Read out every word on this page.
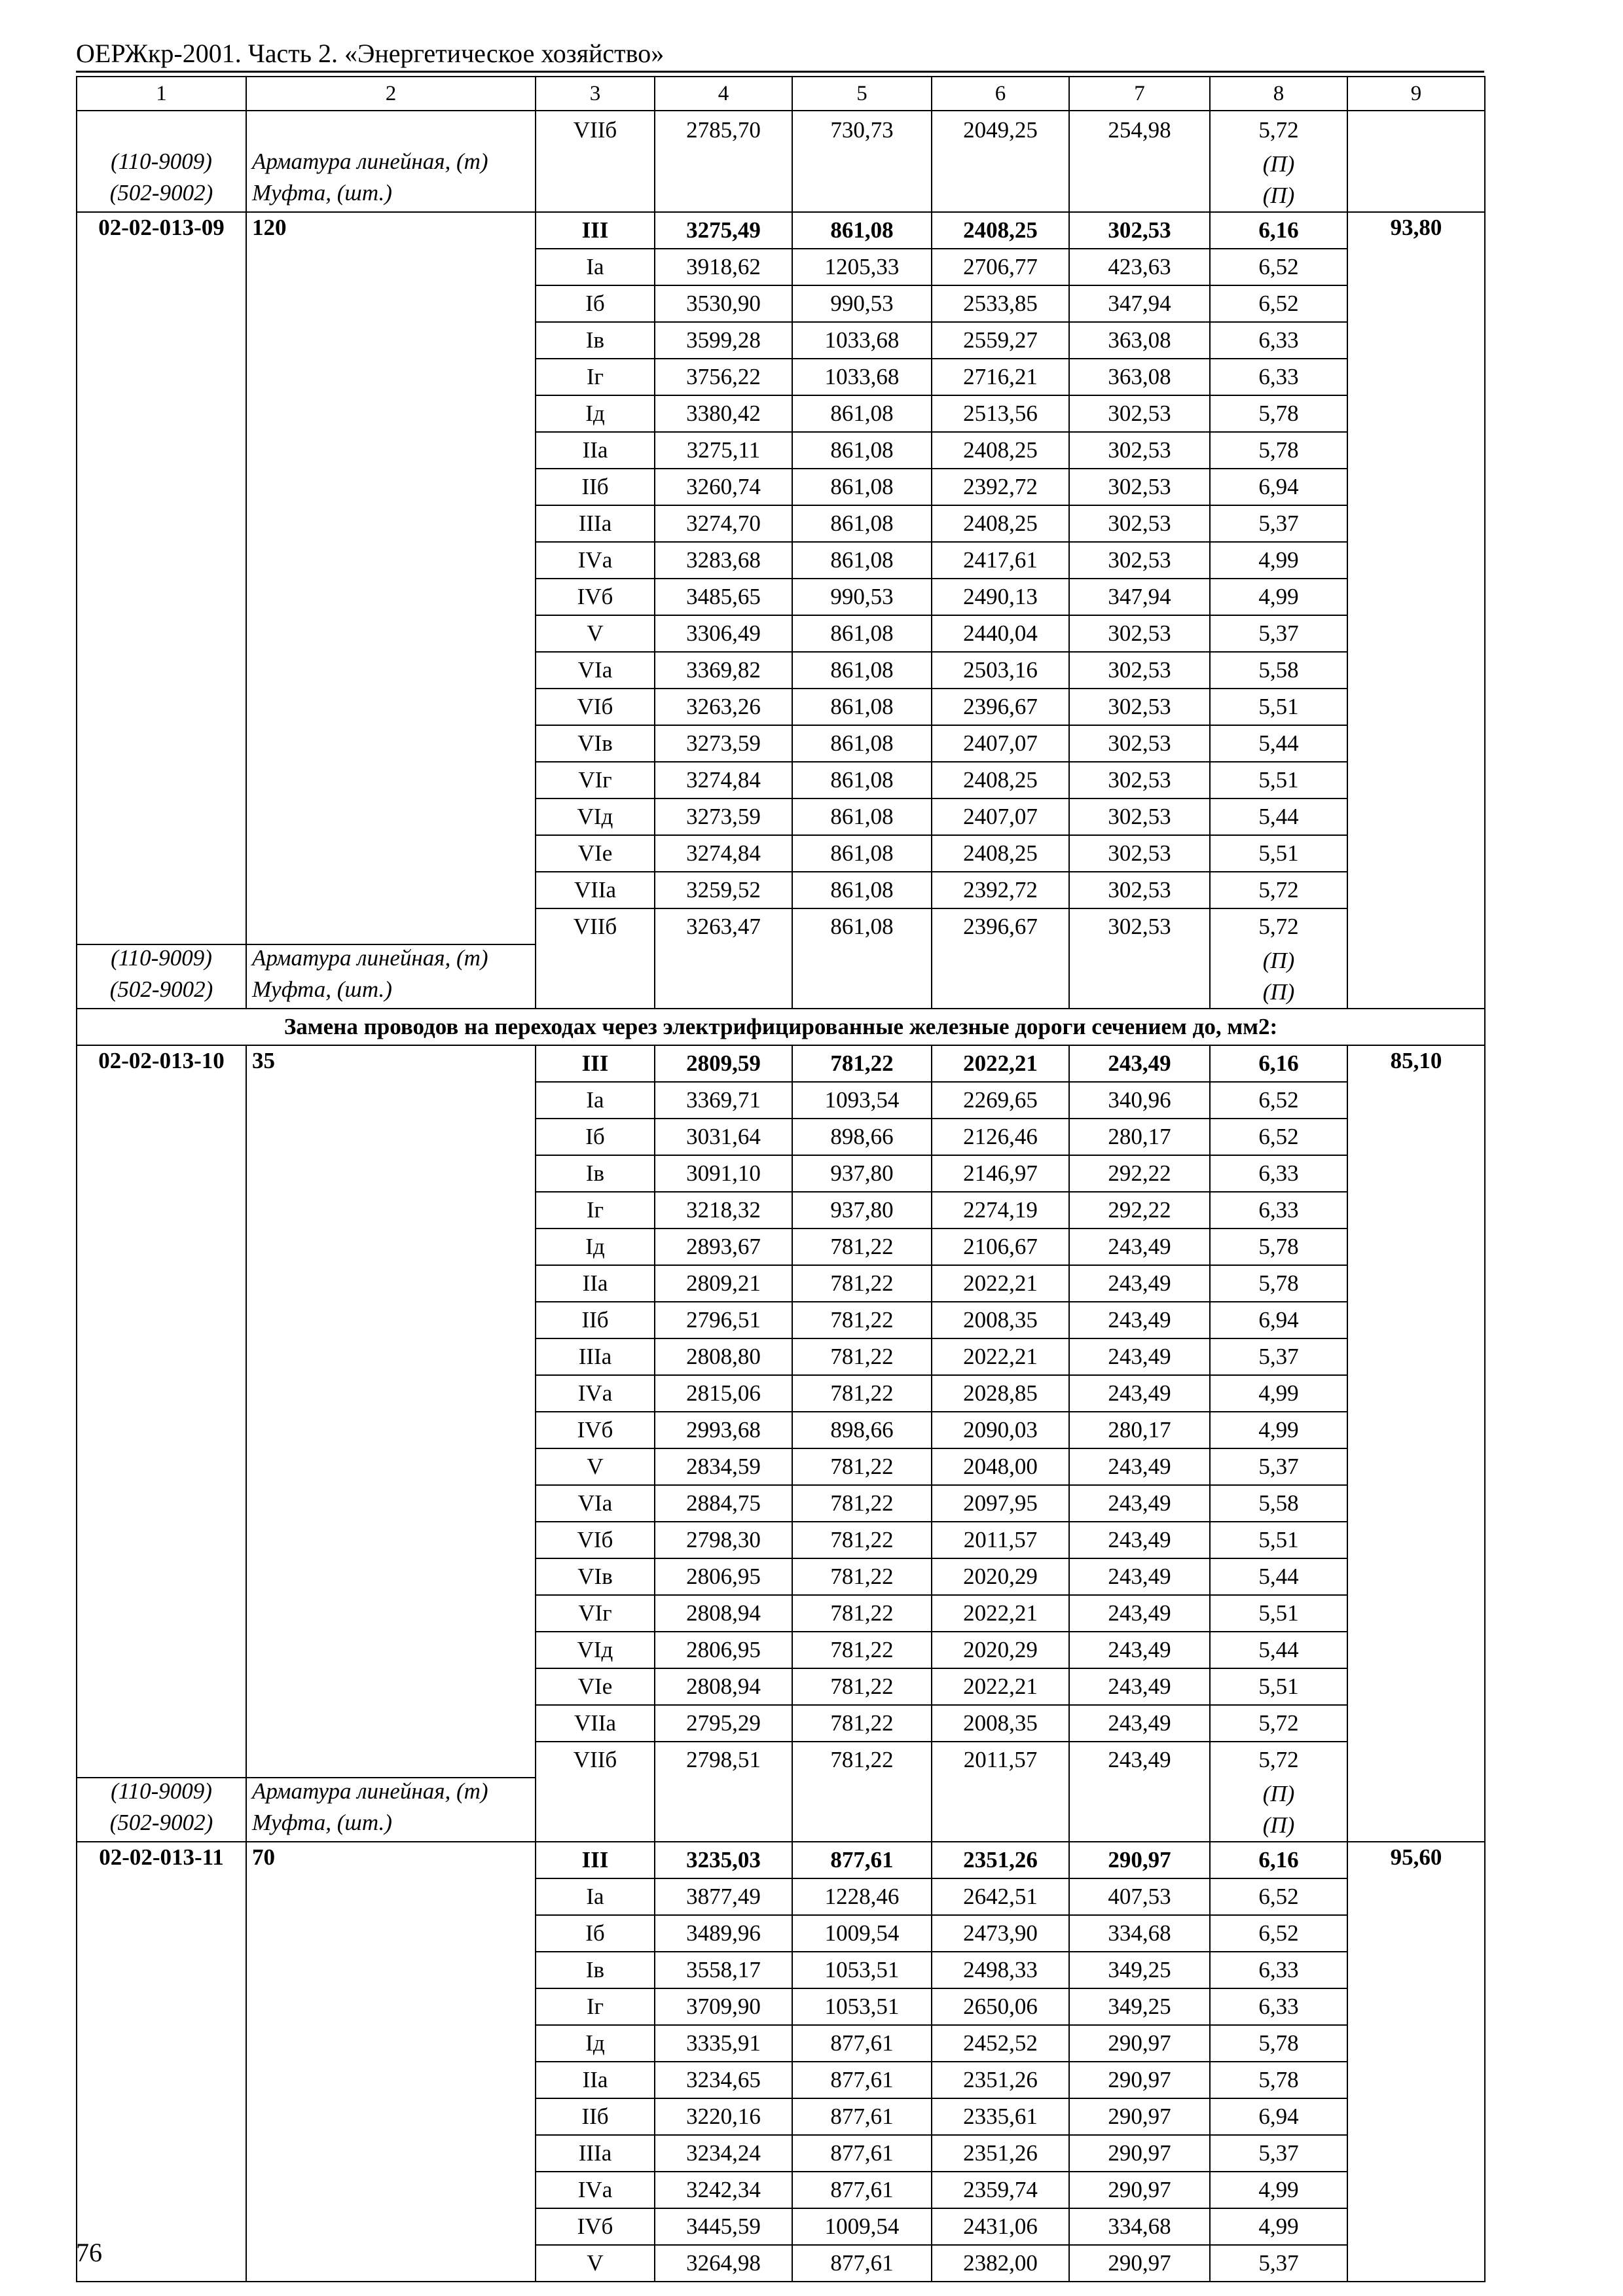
ОЕРЖкр-2001. Часть 2. «Энергетическое хозяйство»
1	2	3	4	5	6	7	8	9
		VIIб	2785,70	730,73	2049,25	254,98	5,72	
(110-9009)	Арматура линейная, (т)						(П)	
(502-9002)	Муфта, (шт.)						(П)	
02-02-013-09	120	III	3275,49	861,08	2408,25	302,53	6,16	93,80
		Iа	3918,62	1205,33	2706,77	423,63	6,52	
		Iб	3530,90	990,53	2533,85	347,94	6,52	
		Iв	3599,28	1033,68	2559,27	363,08	6,33	
		Iг	3756,22	1033,68	2716,21	363,08	6,33	
		Iд	3380,42	861,08	2513,56	302,53	5,78	
		IIа	3275,11	861,08	2408,25	302,53	5,78	
		IIб	3260,74	861,08	2392,72	302,53	6,94	
		IIIа	3274,70	861,08	2408,25	302,53	5,37	
		IVа	3283,68	861,08	2417,61	302,53	4,99	
		IVб	3485,65	990,53	2490,13	347,94	4,99	
		V	3306,49	861,08	2440,04	302,53	5,37	
		VIа	3369,82	861,08	2503,16	302,53	5,58	
		VIб	3263,26	861,08	2396,67	302,53	5,51	
		VIв	3273,59	861,08	2407,07	302,53	5,44	
		VIг	3274,84	861,08	2408,25	302,53	5,51	
		VIд	3273,59	861,08	2407,07	302,53	5,44	
		VIе	3274,84	861,08	2408,25	302,53	5,51	
		VIIа	3259,52	861,08	2392,72	302,53	5,72	
		VIIб	3263,47	861,08	2396,67	302,53	5,72	
(110-9009)	Арматура линейная, (т)						(П)	
(502-9002)	Муфта, (шт.)						(П)	
Замена проводов на переходах через электрифицированные железные дороги сечением до, мм2:								
02-02-013-10	35	III	2809,59	781,22	2022,21	243,49	6,16	85,10
		Iа	3369,71	1093,54	2269,65	340,96	6,52	
		Iб	3031,64	898,66	2126,46	280,17	6,52	
		Iв	3091,10	937,80	2146,97	292,22	6,33	
		Iг	3218,32	937,80	2274,19	292,22	6,33	
		Iд	2893,67	781,22	2106,67	243,49	5,78	
		IIа	2809,21	781,22	2022,21	243,49	5,78	
		IIб	2796,51	781,22	2008,35	243,49	6,94	
		IIIа	2808,80	781,22	2022,21	243,49	5,37	
		IVа	2815,06	781,22	2028,85	243,49	4,99	
		IVб	2993,68	898,66	2090,03	280,17	4,99	
		V	2834,59	781,22	2048,00	243,49	5,37	
		VIа	2884,75	781,22	2097,95	243,49	5,58	
		VIб	2798,30	781,22	2011,57	243,49	5,51	
		VIв	2806,95	781,22	2020,29	243,49	5,44	
		VIг	2808,94	781,22	2022,21	243,49	5,51	
		VIд	2806,95	781,22	2020,29	243,49	5,44	
		VIе	2808,94	781,22	2022,21	243,49	5,51	
		VIIа	2795,29	781,22	2008,35	243,49	5,72	
		VIIб	2798,51	781,22	2011,57	243,49	5,72	
(110-9009)	Арматура линейная, (т)						(П)	
(502-9002)	Муфта, (шт.)						(П)	
02-02-013-11	70	III	3235,03	877,61	2351,26	290,97	6,16	95,60
		Iа	3877,49	1228,46	2642,51	407,53	6,52	
		Iб	3489,96	1009,54	2473,90	334,68	6,52	
		Iв	3558,17	1053,51	2498,33	349,25	6,33	
		Iг	3709,90	1053,51	2650,06	349,25	6,33	
		Iд	3335,91	877,61	2452,52	290,97	5,78	
		IIа	3234,65	877,61	2351,26	290,97	5,78	
		IIб	3220,16	877,61	2335,61	290,97	6,94	
		IIIа	3234,24	877,61	2351,26	290,97	5,37	
		IVа	3242,34	877,61	2359,74	290,97	4,99	
		IVб	3445,59	1009,54	2431,06	334,68	4,99	
		V	3264,98	877,61	2382,00	290,97	5,37	
76
